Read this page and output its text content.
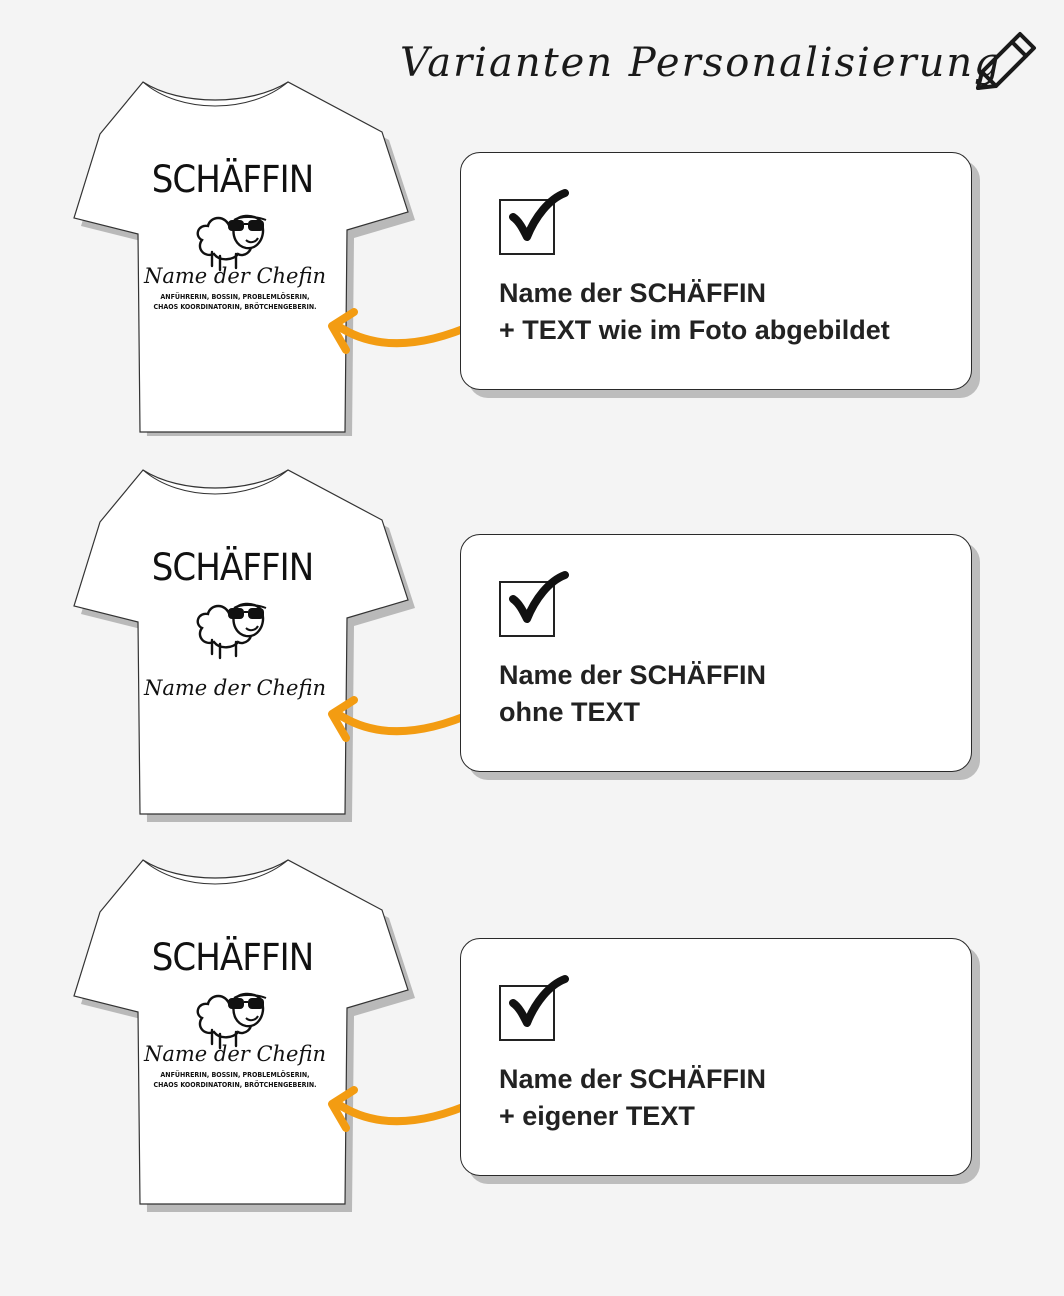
Varianten Personalisierung
SCHÄFFIN
Name der Chefin
ANFÜHRERIN, BOSSIN, PROBLEMLÖSERIN,
CHAOS KOORDINATORIN, BRÖTCHENGEBERIN.	Name der SCHÄFFIN
+ TEXT wie im Foto abgebildet
SCHÄFFIN
Name der Chefin	Name der SCHÄFFIN
ohne TEXT
SCHÄFFIN
Name der Chefin
ANFÜHRERIN, BOSSIN, PROBLEMLÖSERIN,
CHAOS KOORDINATORIN, BRÖTCHENGEBERIN.	Name der SCHÄFFIN
+ eigener TEXT
